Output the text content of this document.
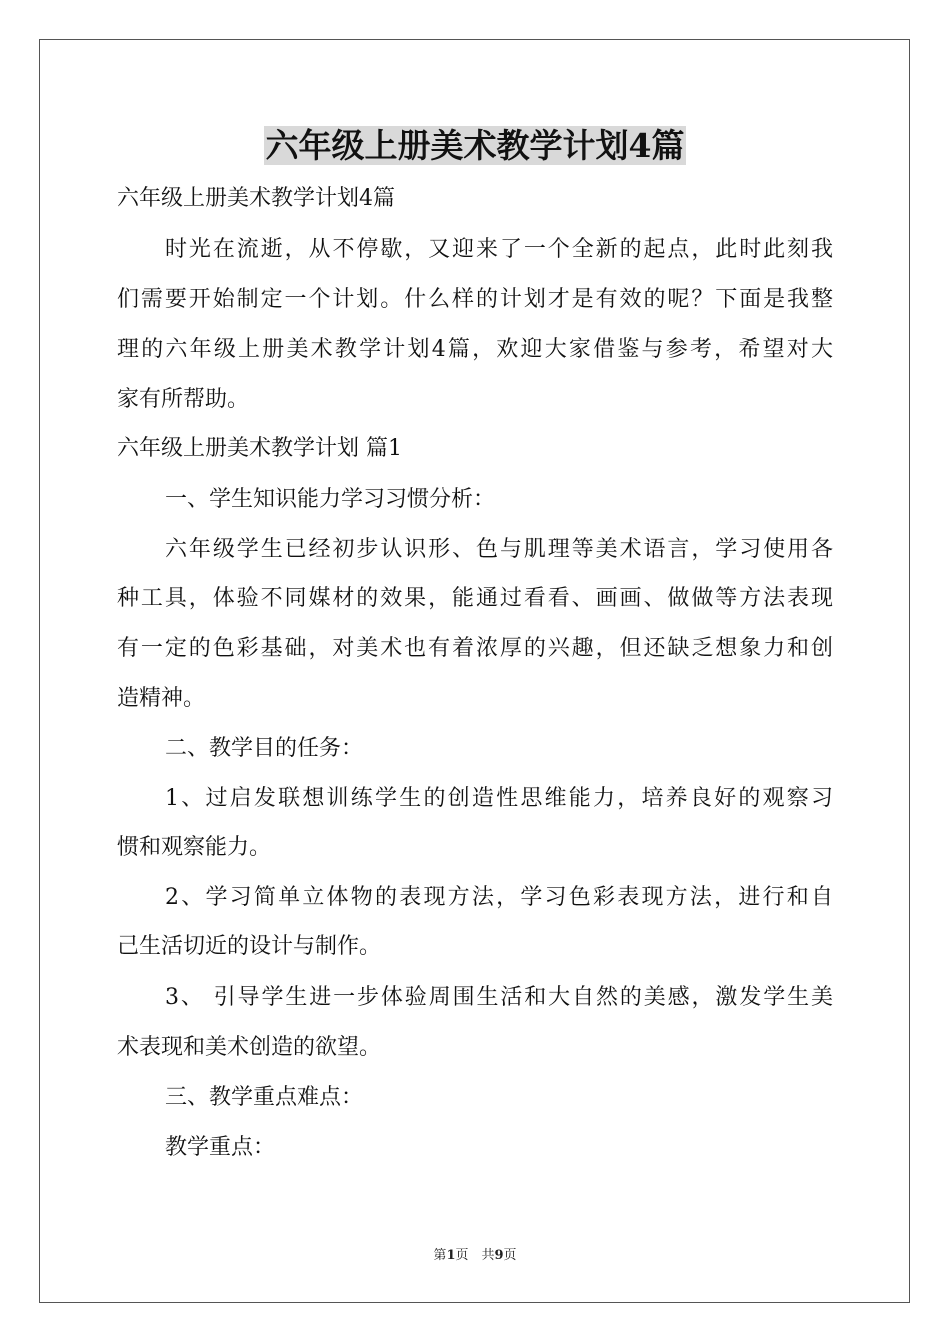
六年级上册美术教学计划4篇
六年级上册美术教学计划4篇
时光在流逝，从不停歇，又迎来了一个全新的起点，此时此刻我
们需要开始制定一个计划。什么样的计划才是有效的呢？下面是我整
理的六年级上册美术教学计划4篇，欢迎大家借鉴与参考，希望对大
家有所帮助。
六年级上册美术教学计划 篇1
一、学生知识能力学习习惯分析：
六年级学生已经初步认识形、色与肌理等美术语言，学习使用各
种工具，体验不同媒材的效果，能通过看看、画画、做做等方法表现
有一定的色彩基础，对美术也有着浓厚的兴趣，但还缺乏想象力和创
造精神。
二、教学目的任务：
1、过启发联想训练学生的创造性思维能力，培养良好的观察习
惯和观察能力。
2、学习简单立体物的表现方法，学习色彩表现方法，进行和自
己生活切近的设计与制作。
3、 引导学生进一步体验周围生活和大自然的美感，激发学生美
术表现和美术创造的欲望。
三、教学重点难点：
教学重点：
第1页　共9页
